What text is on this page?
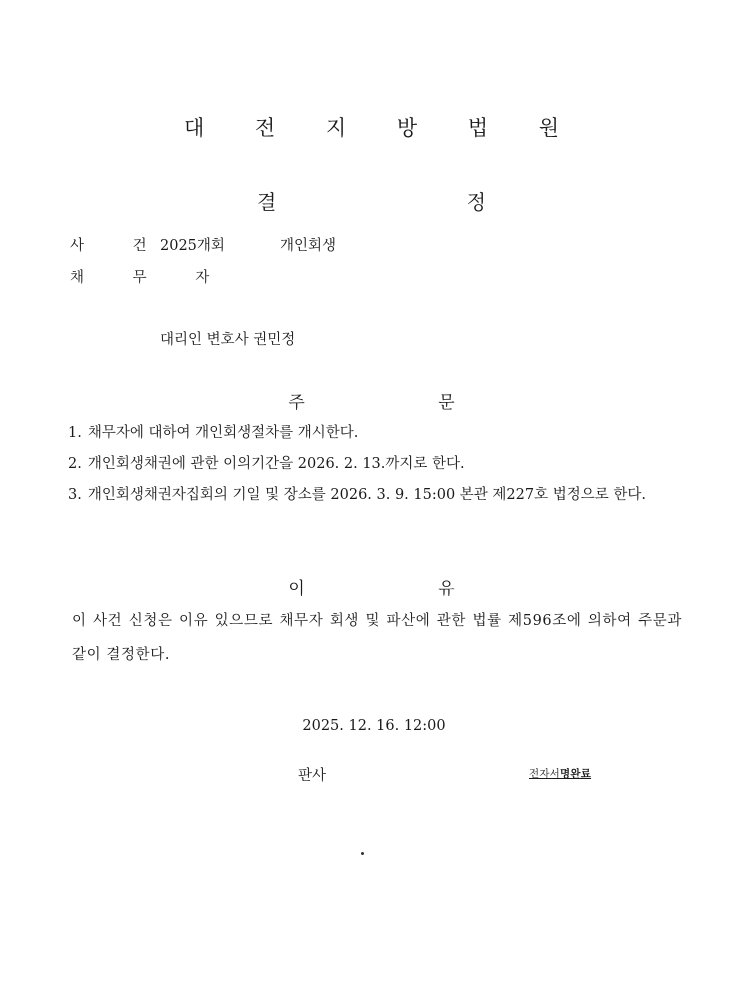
대 전 지 방 법 원
결 정
사 건
2025개회	개인회생
채 무 자
대리인 변호사 권민정
주 문
1. 채무자에 대하여 개인회생절차를 개시한다.
2. 개인회생채권에 관한 이의기간을 2026. 2. 13.까지로 한다.
3. 개인회생채권자집회의 기일 및 장소를 2026. 3. 9. 15:00 본관 제227호 법정으로 한다.
이 유
이 사건 신청은 이유 있으므로 채무자 회생 및 파산에 관한 법률 제596조에 의하여 주문과 같이 결정한다.
2025. 12. 16. 12:00
판사	전자서명완료
